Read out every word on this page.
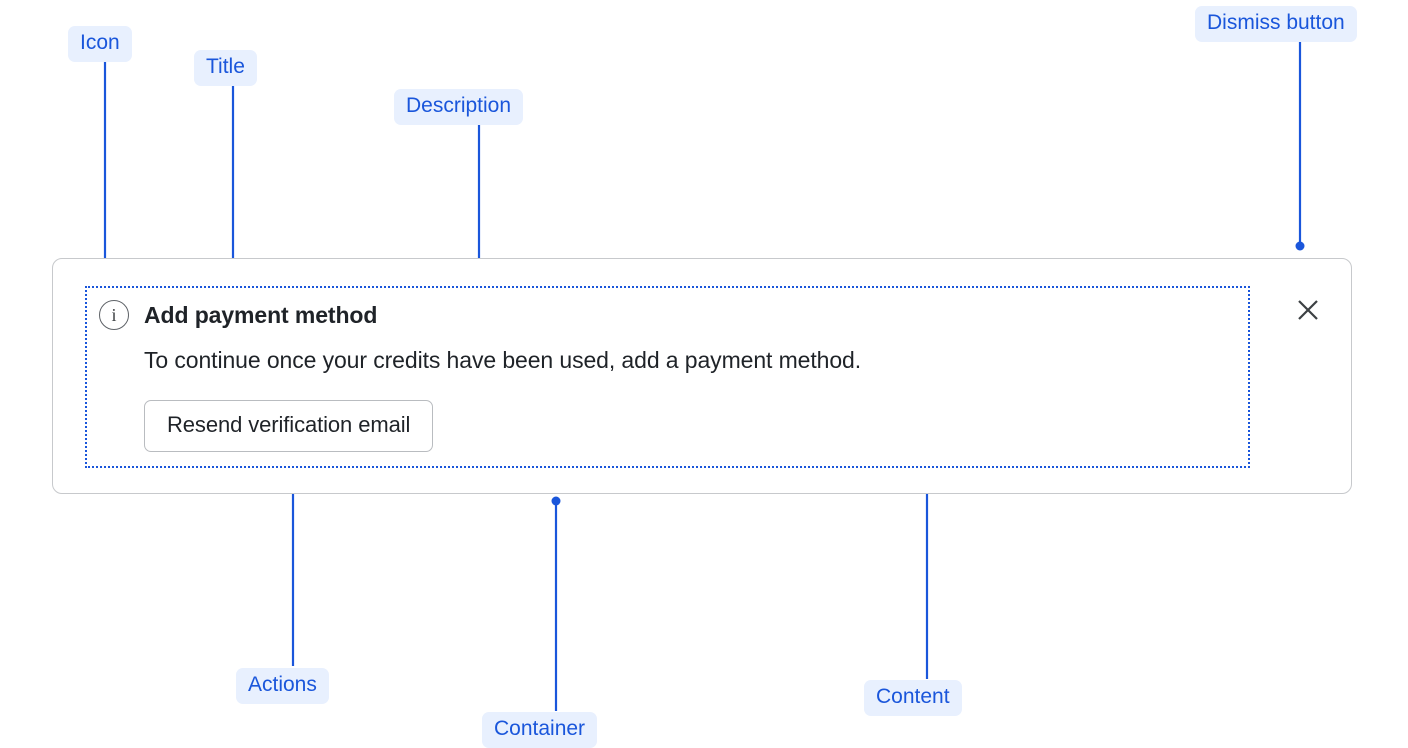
Icon
Title
Description
Dismiss button
Actions
Container
Content
i	Add payment method
To continue once your credits have been used, add a payment method.
Resend verification email
